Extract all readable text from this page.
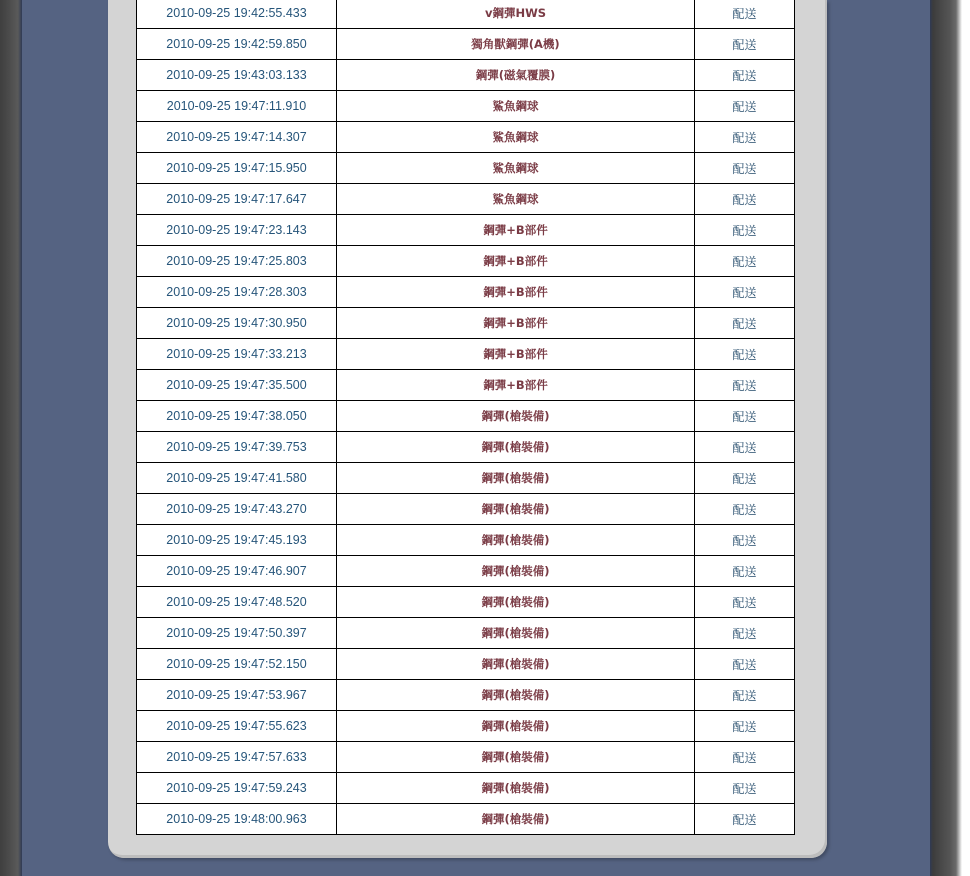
2010-09-25 19:42:55.433	v鋼彈HWS	配送
2010-09-25 19:42:59.850	獨角獸鋼彈(A機)	配送
2010-09-25 19:43:03.133	鋼彈(磁氣覆膜)	配送
2010-09-25 19:47:11.910	鯊魚鋼球	配送
2010-09-25 19:47:14.307	鯊魚鋼球	配送
2010-09-25 19:47:15.950	鯊魚鋼球	配送
2010-09-25 19:47:17.647	鯊魚鋼球	配送
2010-09-25 19:47:23.143	鋼彈+B部件	配送
2010-09-25 19:47:25.803	鋼彈+B部件	配送
2010-09-25 19:47:28.303	鋼彈+B部件	配送
2010-09-25 19:47:30.950	鋼彈+B部件	配送
2010-09-25 19:47:33.213	鋼彈+B部件	配送
2010-09-25 19:47:35.500	鋼彈+B部件	配送
2010-09-25 19:47:38.050	鋼彈(槍裝備)	配送
2010-09-25 19:47:39.753	鋼彈(槍裝備)	配送
2010-09-25 19:47:41.580	鋼彈(槍裝備)	配送
2010-09-25 19:47:43.270	鋼彈(槍裝備)	配送
2010-09-25 19:47:45.193	鋼彈(槍裝備)	配送
2010-09-25 19:47:46.907	鋼彈(槍裝備)	配送
2010-09-25 19:47:48.520	鋼彈(槍裝備)	配送
2010-09-25 19:47:50.397	鋼彈(槍裝備)	配送
2010-09-25 19:47:52.150	鋼彈(槍裝備)	配送
2010-09-25 19:47:53.967	鋼彈(槍裝備)	配送
2010-09-25 19:47:55.623	鋼彈(槍裝備)	配送
2010-09-25 19:47:57.633	鋼彈(槍裝備)	配送
2010-09-25 19:47:59.243	鋼彈(槍裝備)	配送
2010-09-25 19:48:00.963	鋼彈(槍裝備)	配送
